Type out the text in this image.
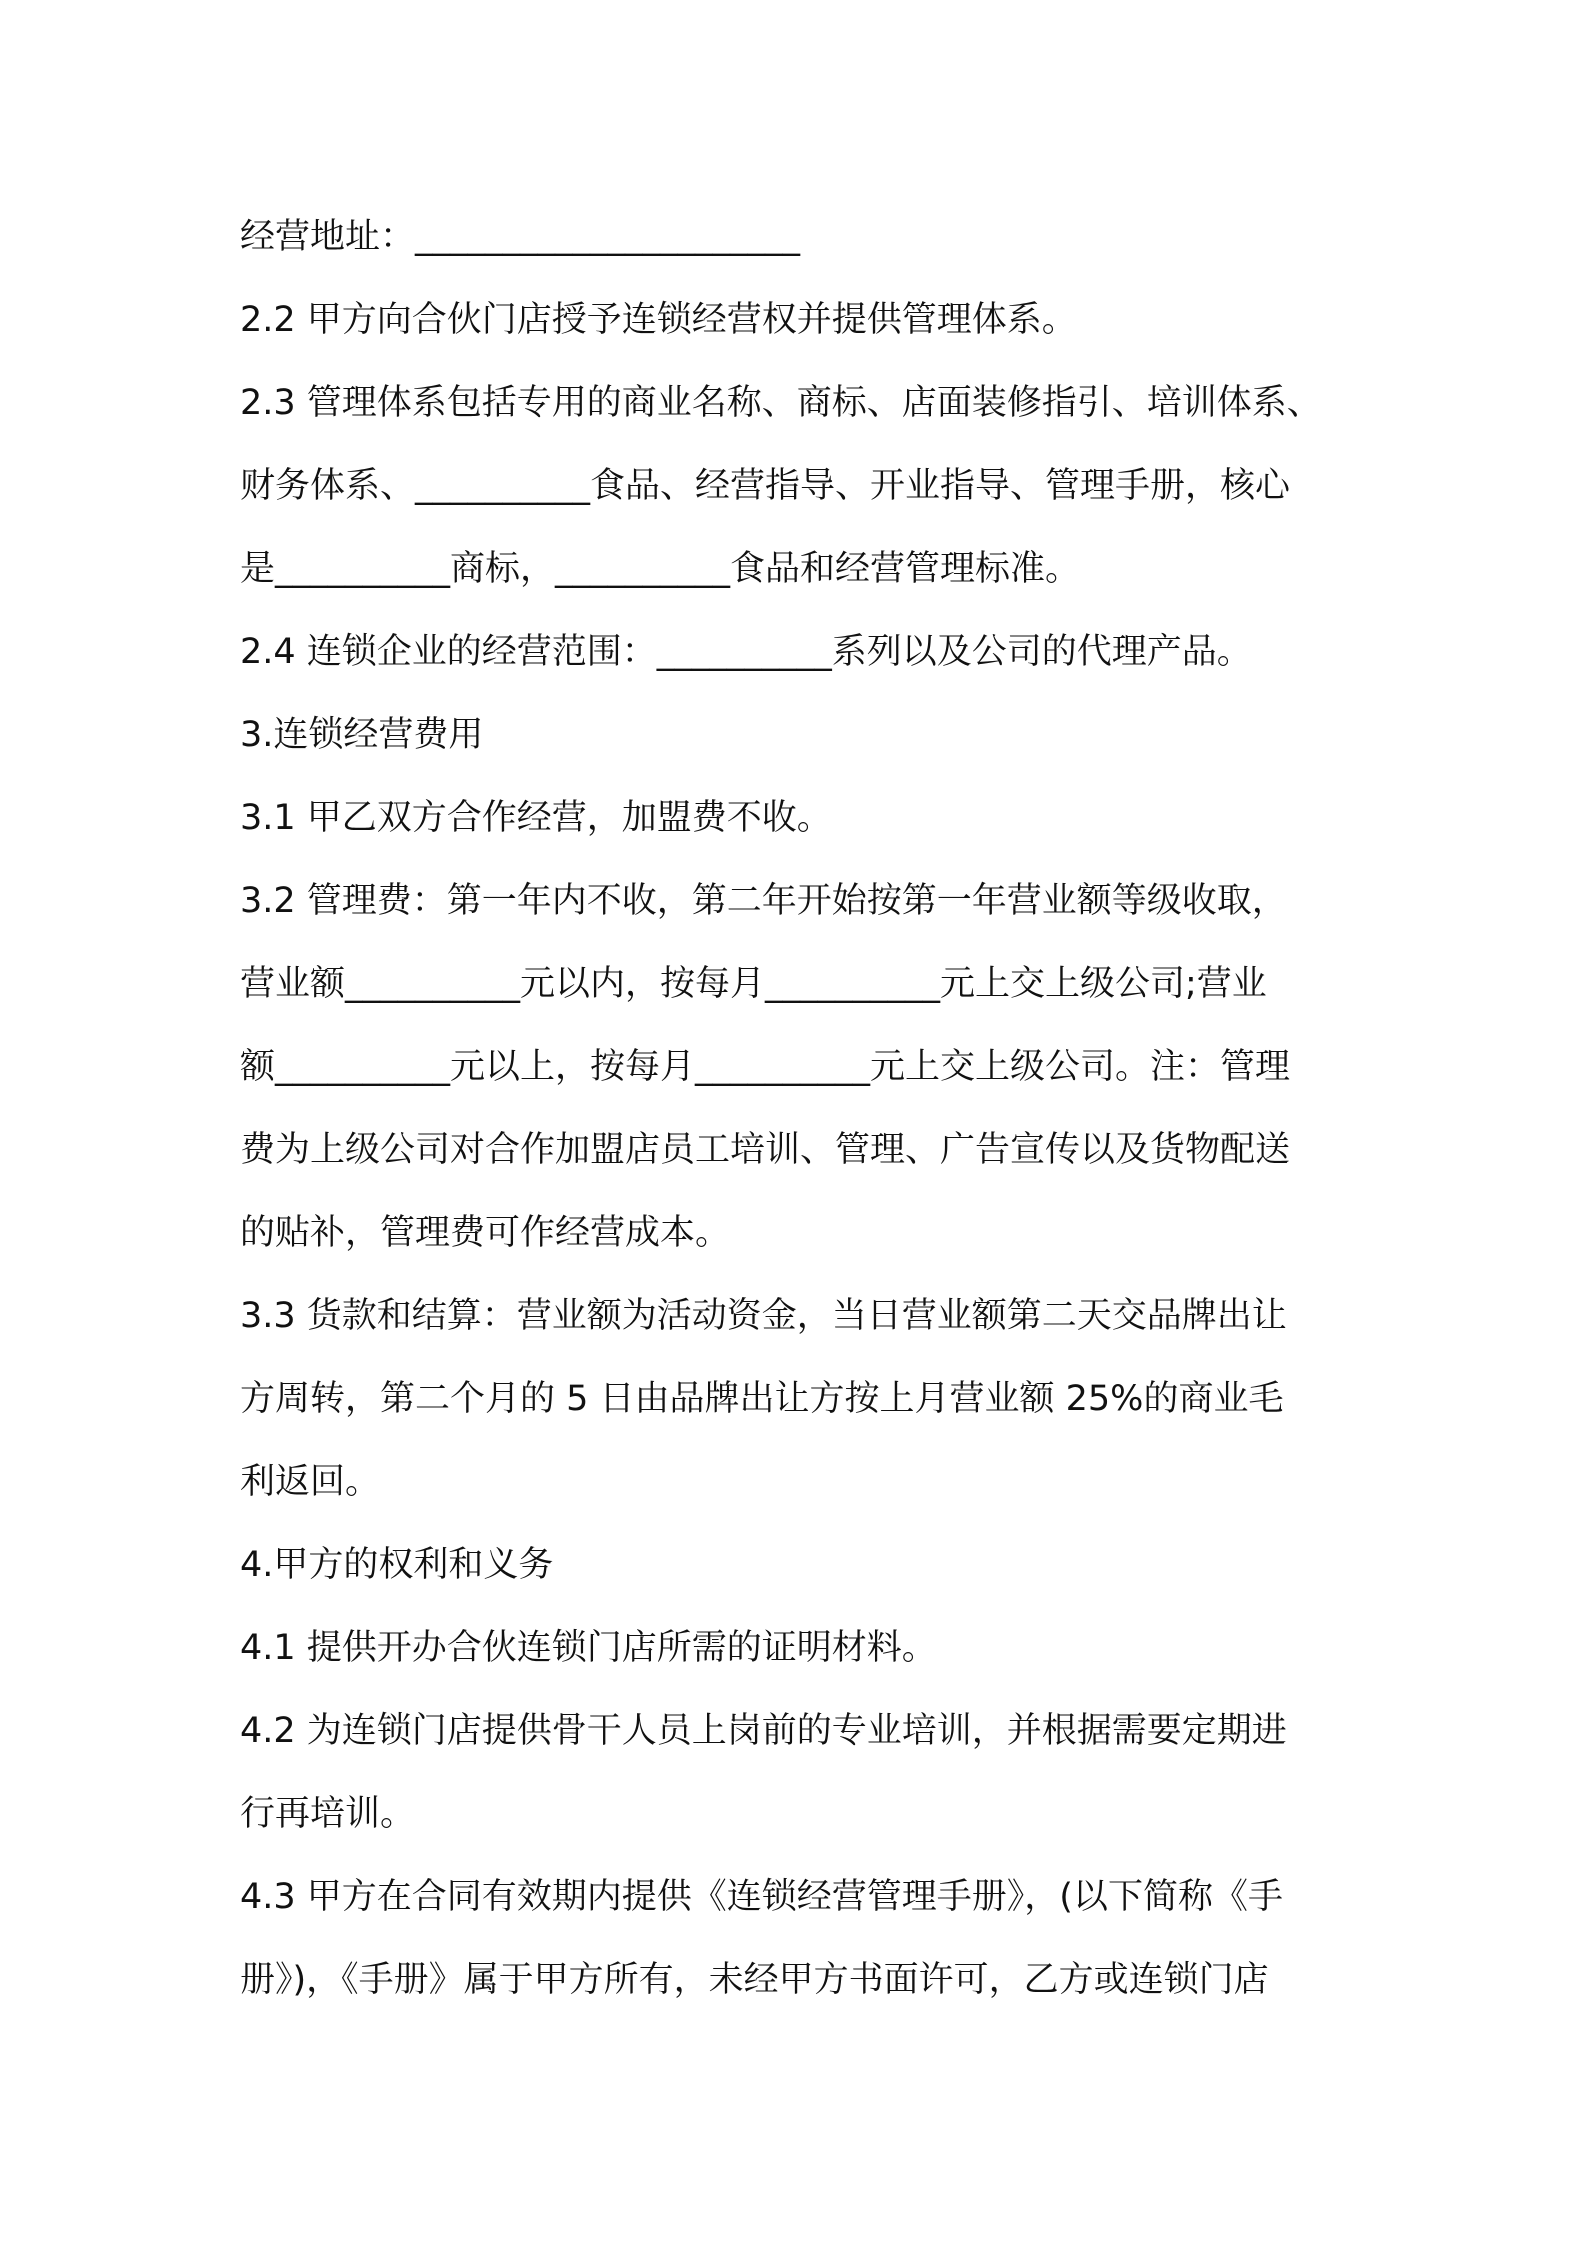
经营地址：______________________
2.2 甲方向合伙门店授予连锁经营权并提供管理体系。
2.3 管理体系包括专用的商业名称、商标、店面装修指引、培训体系、
财务体系、__________食品、经营指导、开业指导、管理手册，核心
是__________商标，__________食品和经营管理标准。
2.4 连锁企业的经营范围：__________系列以及公司的代理产品。
3.连锁经营费用
3.1 甲乙双方合作经营，加盟费不收。
3.2 管理费：第一年内不收，第二年开始按第一年营业额等级收取，
营业额__________元以内，按每月__________元上交上级公司;营业
额__________元以上，按每月__________元上交上级公司。注：管理
费为上级公司对合作加盟店员工培训、管理、广告宣传以及货物配送
的贴补，管理费可作经营成本。
3.3 货款和结算：营业额为活动资金，当日营业额第二天交品牌出让
方周转，第二个月的 5 日由品牌出让方按上月营业额 25%的商业毛
利返回。
4.甲方的权利和义务
4.1 提供开办合伙连锁门店所需的证明材料。
4.2 为连锁门店提供骨干人员上岗前的专业培训，并根据需要定期进
行再培训。
4.3 甲方在合同有效期内提供《连锁经营管理手册》，(以下简称《手
册》)，《手册》属于甲方所有，未经甲方书面许可，乙方或连锁门店
